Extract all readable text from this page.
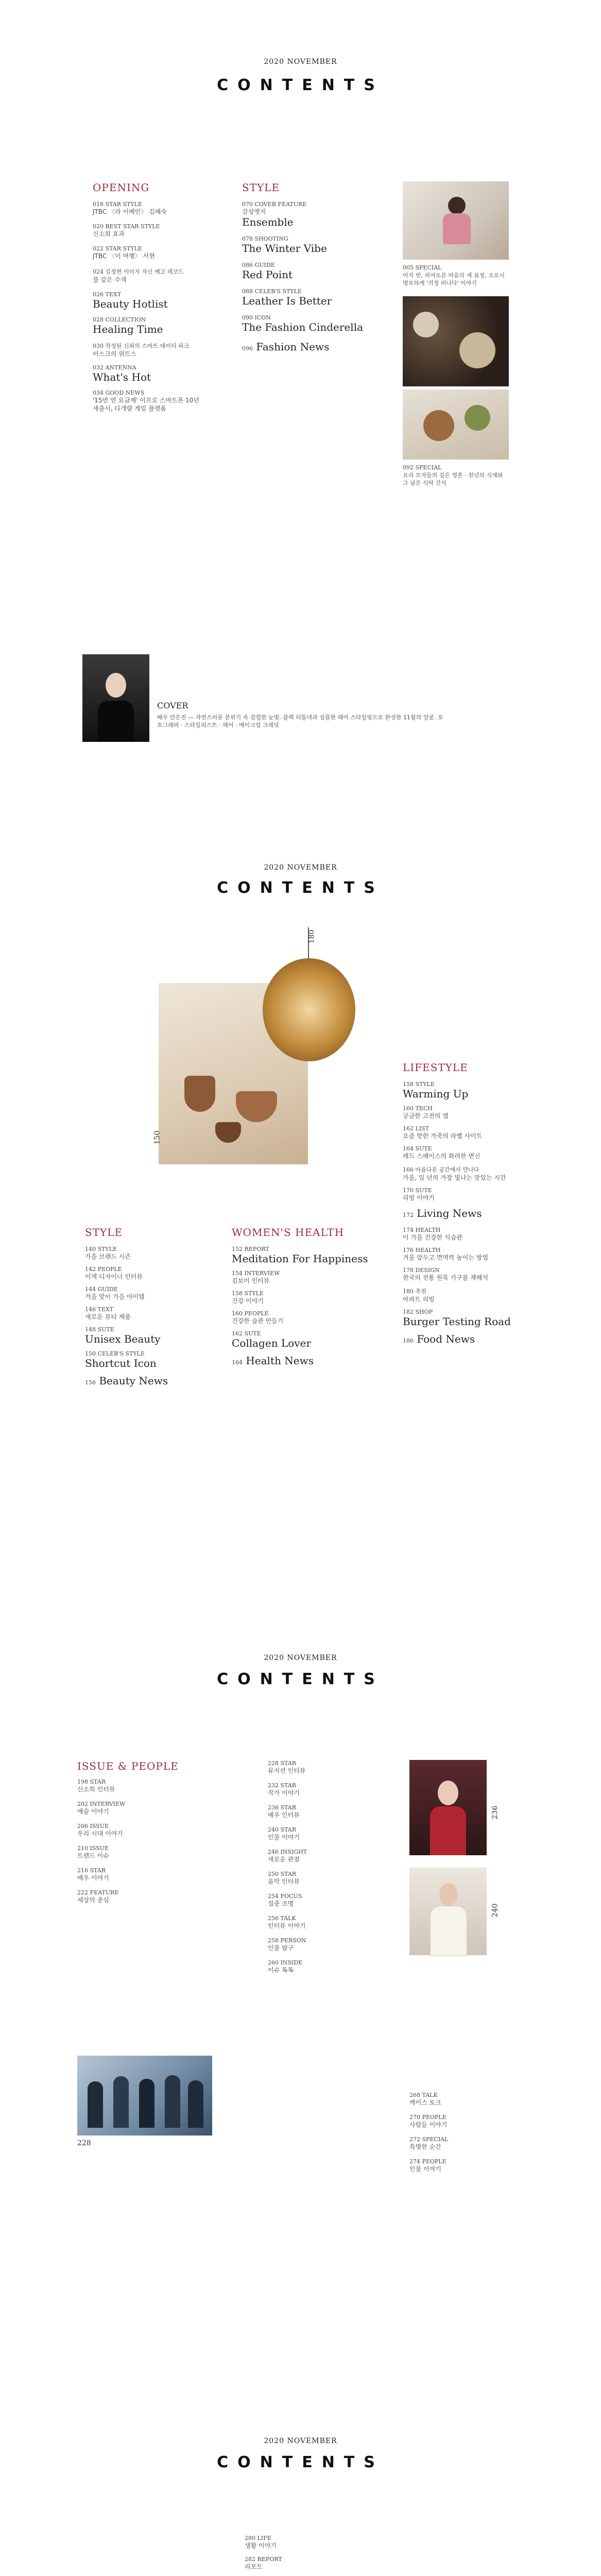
2020 NOVEMBER
CONTENTS
OPENING
018 STAR STYLE
JTBC 〈라 이베인〉 김혜숙
020 BEST STAR STYLE
신소희 효과
022 STAR STYLE
JTBC 〈이 여행〉 서현
024 김정현 이미지 자신 예고 레코드
블 같은 수색
026 TEXT
Beauty Hotlist
028 COLLECTION
Healing Time
030 작성된 신뢰의 스마트 데이터 파크
비스크의 위트스
032 ANTENNA
What's Hot
034 GOOD NEWS
'15번 연 요금제' 이프로 스마트폰 10년 새출시, 다개량 게임 플랫폼
STYLE
070 COVER FEATURE
감성엣지
Ensemble
078 SHOOTING
The Winter Vibe
086 GUIDE
Red Point
088 CELEB'S STYLE
Leather Is Better
090 ICON
The Fashion Cinderella
096 Fashion News
005 SPECIAL
이지 빈, 피어오른 마음의 새 표정, 오로시 명료하게 '걱정 떠나다' 이야기
092 SPECIAL
요리 모자들의 깊은 영혼 · 천년의 식재와 그 남은 식탁 간식
COVER
배우 안은진 — 자연스러운 분위기 속 강렬한 눈빛. 블랙 터틀넥과 심플한 헤어 스타일링으로 완성한 11월의 얼굴. 포토그래퍼 · 스타일리스트 · 헤어 · 메이크업 크레딧
2020 NOVEMBER
CONTENTS
150
180
LIFESTYLE
158 STYLE
Warming Up
160 TECH
궁금한 고전의 앱
162 LIST
요즘 핫한 가죽의 라벨 사이트
164 SUTE
레드 스페이스의 화려한 변신
166 아름다운 공간에서 만나다
가을, 일 년의 가장 빛나는 맛있는 시간
170 SUTE
리빙 이야기
172 Living News
174 HEALTH
이 가을 건강한 식습관
176 HEALTH
겨울 앞두고 면역력 높이는 방법
178 DESIGN
한국의 전통 원목 가구를 재해석
180 추천
아파트 리빙
182 SHOP
Burger Testing Road
186 Food News
STYLE
140 STYLE
가을 브랜드 시즌
142 PEOPLE
이색 디자이너 인터뷰
144 GUIDE
겨울 맞이 가을 아이템
146 TEXT
새로운 뷰티 제품
148 SUTE
Unisex Beauty
150 CELEB'S STYLE
Shortcut Icon
156 Beauty News
WOMEN'S HEALTH
152 REPORT
Meditation For Happiness
154 INTERVIEW
김보미 인터뷰
158 STYLE
건강 이야기
160 PEOPLE
건강한 습관 만들기
162 SUTE
Collagen Lover
164 Health News
2020 NOVEMBER
CONTENTS
ISSUE & PEOPLE
198 STAR
신소희 인터뷰
202 INTERVIEW
예술 이야기
206 ISSUE
우리 시대 이야기
210 ISSUE
트렌드 이슈
216 STAR
배우 이야기
222 FEATURE
세상의 중심
228 STAR
뮤지션 인터뷰
232 STAR
작가 이야기
236 STAR
배우 인터뷰
240 STAR
인물 이야기
246 INSIGHT
새로운 관점
250 STAR
음악 인터뷰
254 FOCUS
집중 조명
256 TALK
인터뷰 이야기
258 PERSON
인물 탐구
260 INSIDE
이슈 톡톡
236
240
228
268 TALK
케이스 토크
270 PEOPLE
사람들 이야기
272 SPECIAL
특별한 순간
274 PEOPLE
인물 이야기
2020 NOVEMBER
CONTENTS
280 LIFE
생활 이야기
282 REPORT
리포트
